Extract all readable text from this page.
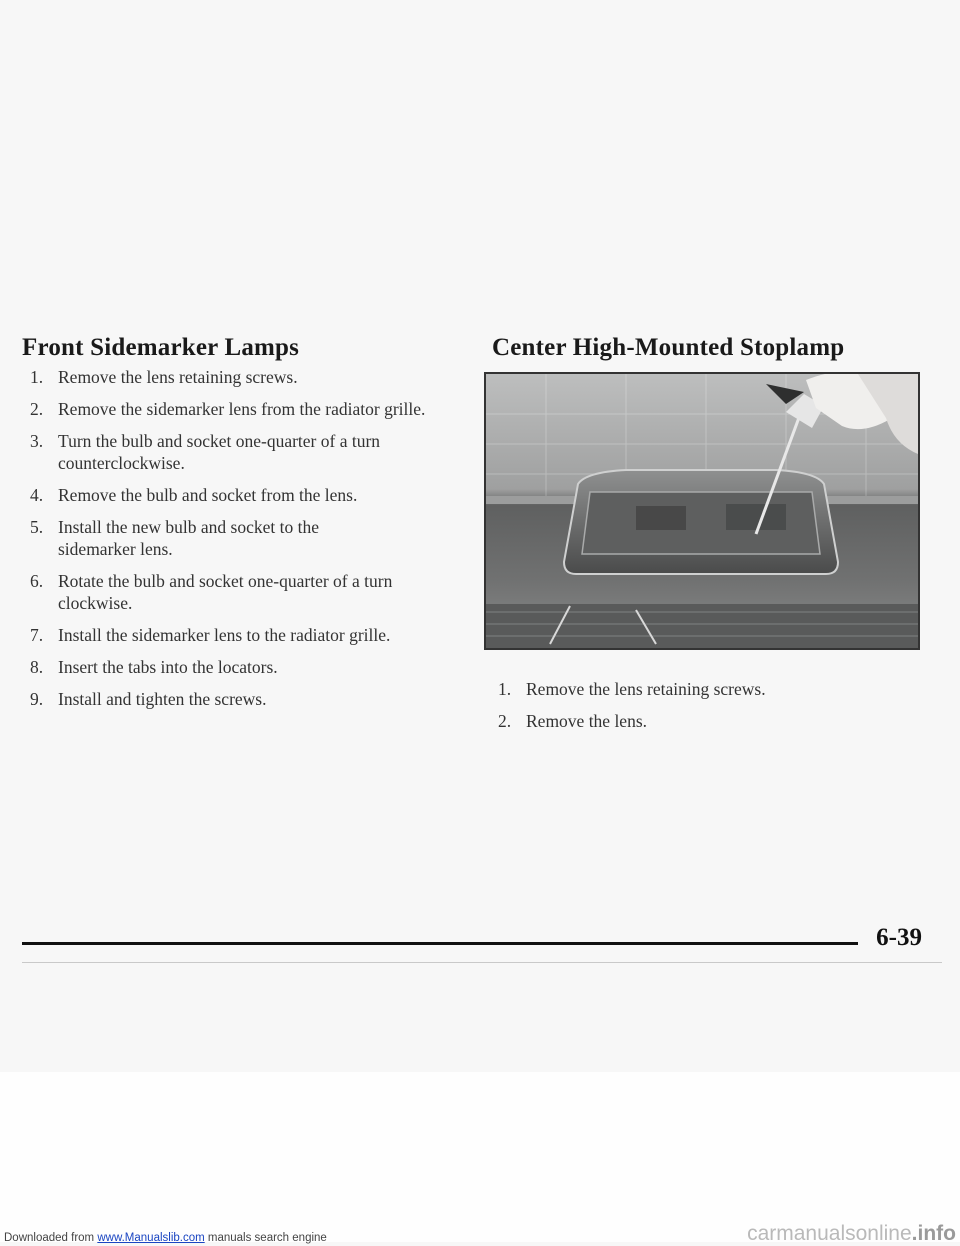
Front Sidemarker Lamps
1. Remove the lens retaining screws.
2. Remove the sidemarker lens from the radiator grille.
3. Turn the bulb and socket one-quarter of a turn counterclockwise.
4. Remove the bulb and socket from the lens.
5. Install the new bulb and socket to the sidemarker lens.
6. Rotate the bulb and socket one-quarter of a turn clockwise.
7. Install the sidemarker lens to the radiator grille.
8. Insert the tabs into the locators.
9. Install and tighten the screws.
Center High-Mounted Stoplamp
1. Remove the lens retaining screws.
2. Remove the lens.
6-39
Downloaded from www.Manualslib.com manuals search engine	carmanualsonline.info
